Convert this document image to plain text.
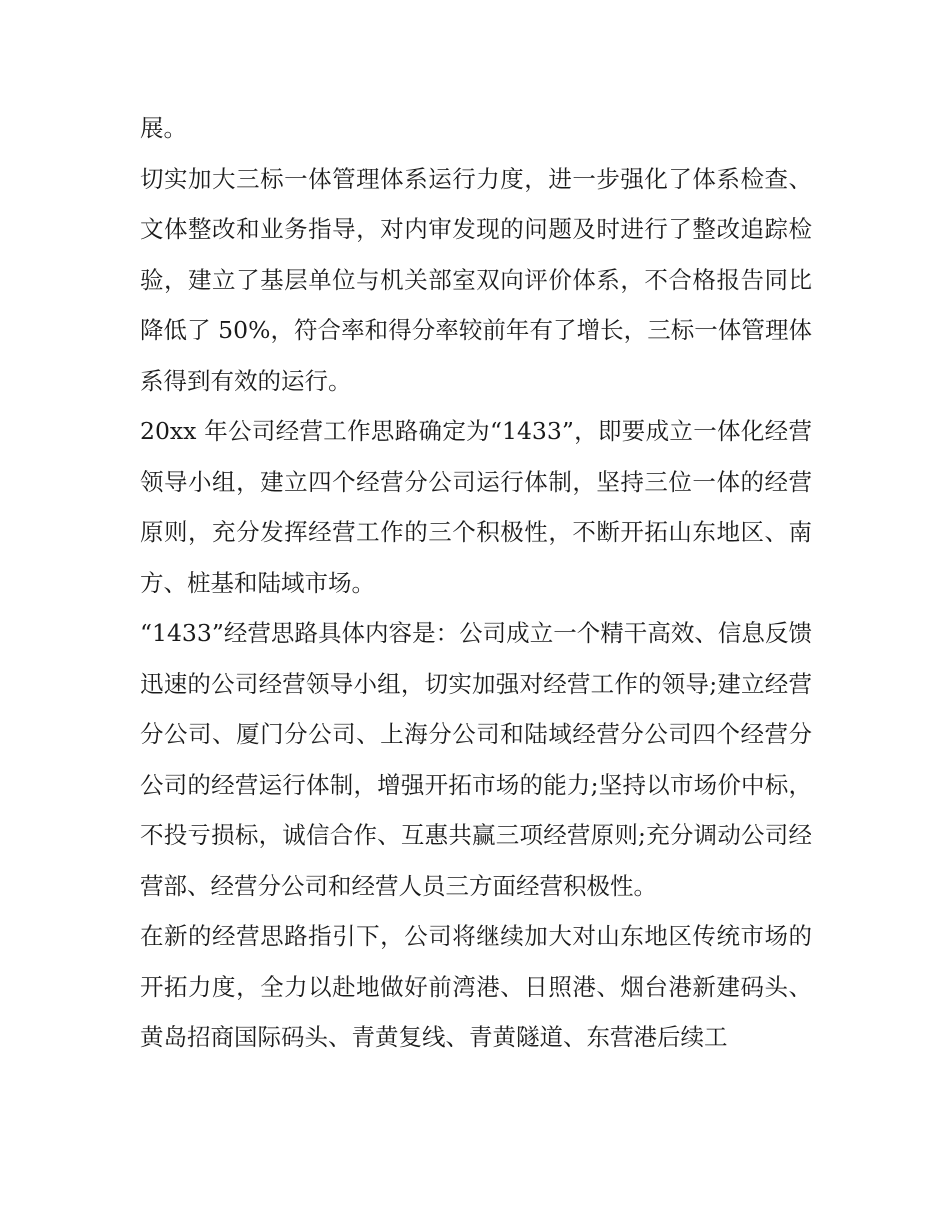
展。

切实加大三标一体管理体系运行力度，进一步强化了体系检查、文体整改和业务指导，对内审发现的问题及时进行了整改追踪检验，建立了基层单位与机关部室双向评价体系，不合格报告同比降低了 50%，符合率和得分率较前年有了增长，三标一体管理体系得到有效的运行。

20xx 年公司经营工作思路确定为“1433”，即要成立一体化经营领导小组，建立四个经营分公司运行体制，坚持三位一体的经营原则，充分发挥经营工作的三个积极性，不断开拓山东地区、南方、桩基和陆域市场。

“1433”经营思路具体内容是：公司成立一个精干高效、信息反馈迅速的公司经营领导小组，切实加强对经营工作的领导;建立经营分公司、厦门分公司、上海分公司和陆域经营分公司四个经营分公司的经营运行体制，增强开拓市场的能力;坚持以市场价中标，不投亏损标，诚信合作、互惠共赢三项经营原则;充分调动公司经营部、经营分公司和经营人员三方面经营积极性。

在新的经营思路指引下，公司将继续加大对山东地区传统市场的开拓力度，全力以赴地做好前湾港、日照港、烟台港新建码头、黄岛招商国际码头、青黄复线、青黄隧道、东营港后续工
